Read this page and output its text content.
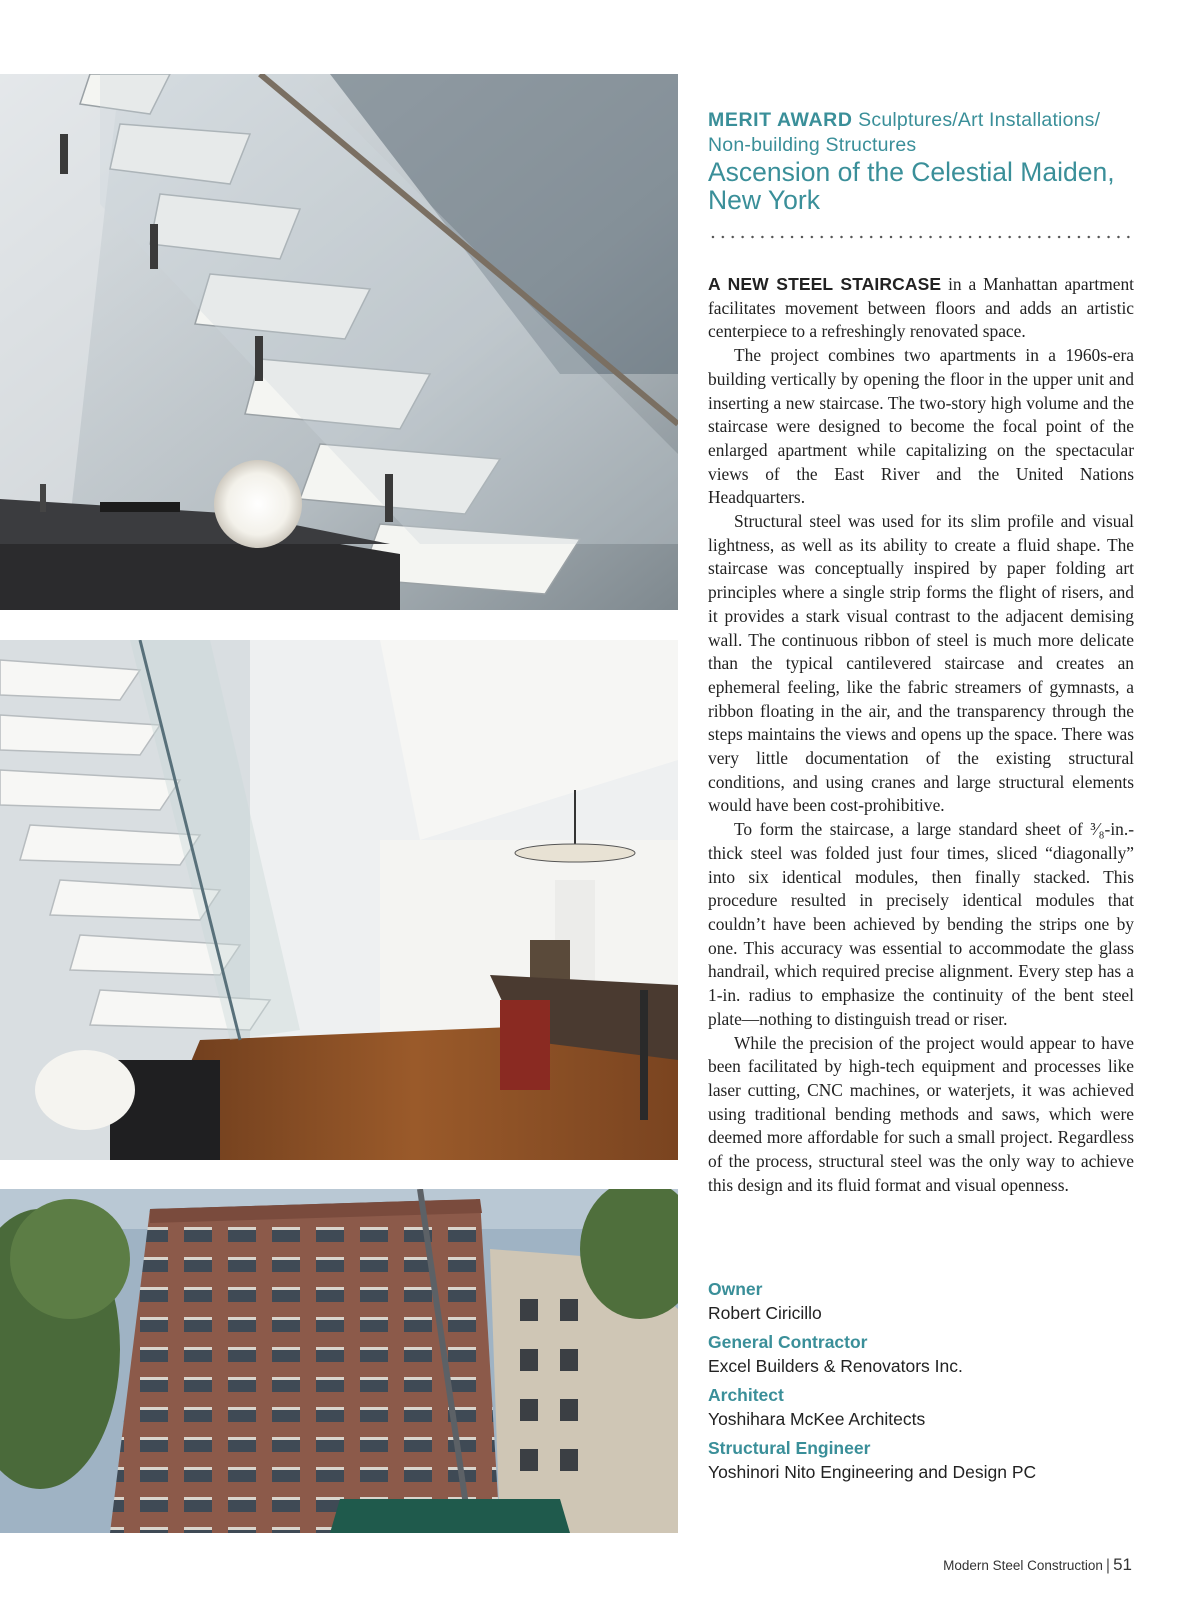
MERIT AWARD Sculptures/Art Installations/
Non-building Structures
Ascension of the Celestial Maiden,
New York

A NEW STEEL STAIRCASE in a Manhattan apartment facilitates movement between floors and adds an artistic centerpiece to a refreshingly renovated space.

The project combines two apartments in a 1960s-era building vertically by opening the floor in the upper unit and inserting a new staircase. The two-story high volume and the staircase were designed to become the focal point of the enlarged apartment while capitalizing on the spectacular views of the East River and the United Nations Headquarters.

Structural steel was used for its slim profile and visual lightness, as well as its ability to create a fluid shape. The staircase was conceptually inspired by paper folding art principles where a single strip forms the flight of risers, and it provides a stark visual contrast to the adjacent demising wall. The continuous ribbon of steel is much more delicate than the typical cantilevered staircase and creates an ephemeral feeling, like the fabric streamers of gymnasts, a ribbon floating in the air, and the transparency through the steps maintains the views and opens up the space. There was very little documentation of the existing structural conditions, and using cranes and large structural elements would have been cost-prohibitive.

To form the staircase, a large standard sheet of ³⁄₈-in.-thick steel was folded just four times, sliced “diagonally” into six identical modules, then finally stacked. This procedure resulted in precisely identical modules that couldn’t have been achieved by bending the strips one by one. This accuracy was essential to accommodate the glass handrail, which required precise alignment. Every step has a 1-in. radius to emphasize the continuity of the bent steel plate—nothing to distinguish tread or riser.

While the precision of the project would appear to have been facilitated by high-tech equipment and processes like laser cutting, CNC machines, or waterjets, it was achieved using traditional bending methods and saws, which were deemed more affordable for such a small project. Regardless of the process, structural steel was the only way to achieve this design and its fluid format and visual openness.

Owner
Robert Ciricillo
General Contractor
Excel Builders & Renovators Inc.
Architect
Yoshihara McKee Architects
Structural Engineer
Yoshinori Nito Engineering and Design PC
Modern Steel Construction | 51
